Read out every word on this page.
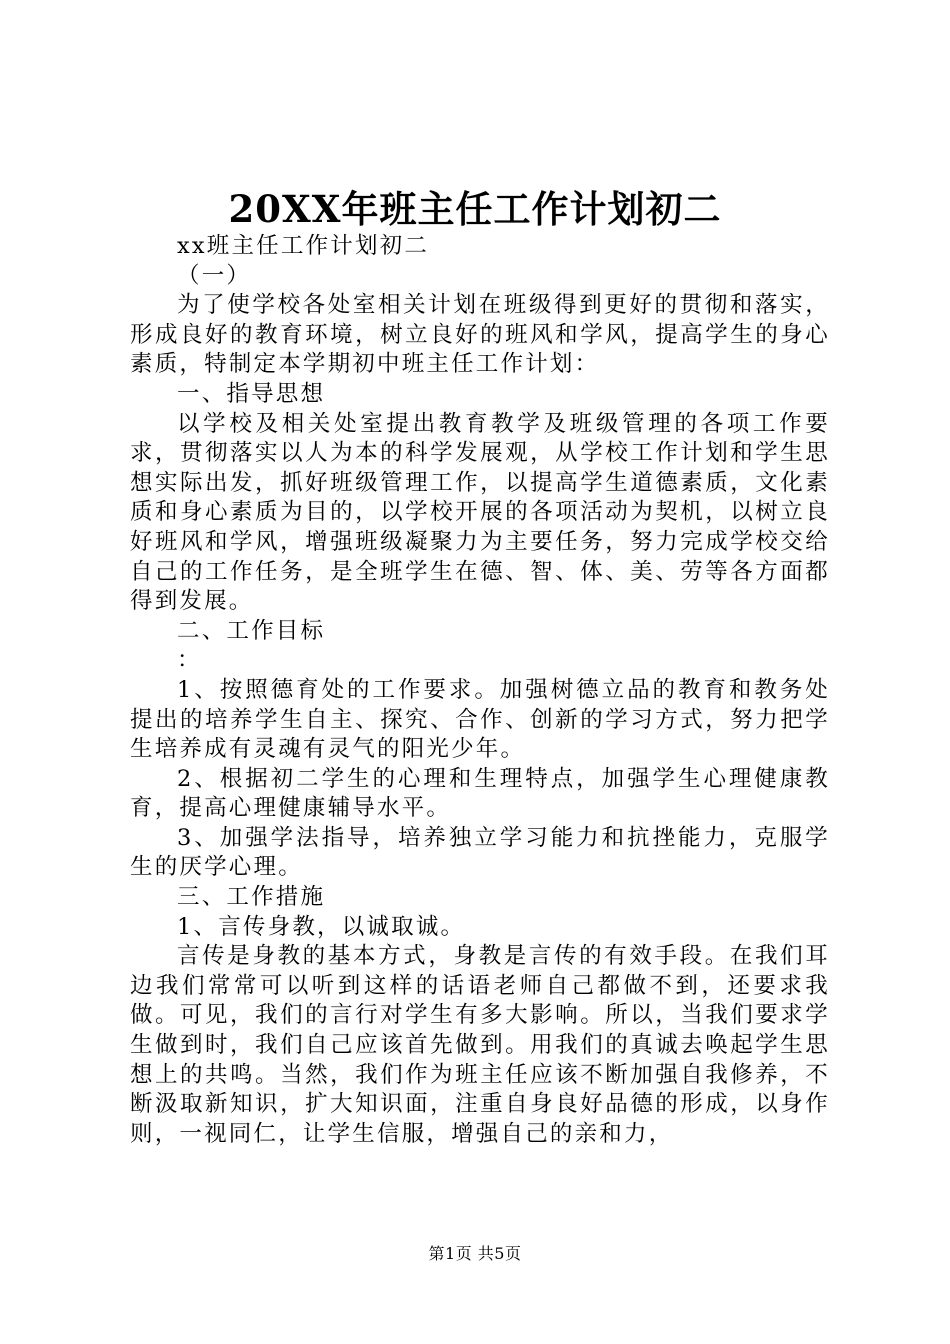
20XX年班主任工作计划初二

xx班主任工作计划初二

（一）

为了使学校各处室相关计划在班级得到更好的贯彻和落实，形成良好的教育环境，树立良好的班风和学风，提高学生的身心素质，特制定本学期初中班主任工作计划：

一、指导思想

以学校及相关处室提出教育教学及班级管理的各项工作要求，贯彻落实以人为本的科学发展观，从学校工作计划和学生思想实际出发，抓好班级管理工作，以提高学生道德素质，文化素质和身心素质为目的，以学校开展的各项活动为契机，以树立良好班风和学风，增强班级凝聚力为主要任务，努力完成学校交给自己的工作任务，是全班学生在德、智、体、美、劳等各方面都得到发展。

二、工作目标

：

1、按照德育处的工作要求。加强树德立品的教育和教务处提出的培养学生自主、探究、合作、创新的学习方式，努力把学生培养成有灵魂有灵气的阳光少年。

2、根据初二学生的心理和生理特点，加强学生心理健康教育，提高心理健康辅导水平。

3、加强学法指导，培养独立学习能力和抗挫能力，克服学生的厌学心理。

三、工作措施

1、言传身教，以诚取诚。

言传是身教的基本方式，身教是言传的有效手段。在我们耳边我们常常可以听到这样的话语老师自己都做不到，还要求我做。可见，我们的言行对学生有多大影响。所以，当我们要求学生做到时，我们自己应该首先做到。用我们的真诚去唤起学生思想上的共鸣。当然，我们作为班主任应该不断加强自我修养，不断汲取新知识，扩大知识面，注重自身良好品德的形成，以身作则，一视同仁，让学生信服，增强自己的亲和力，

第1页 共5页
